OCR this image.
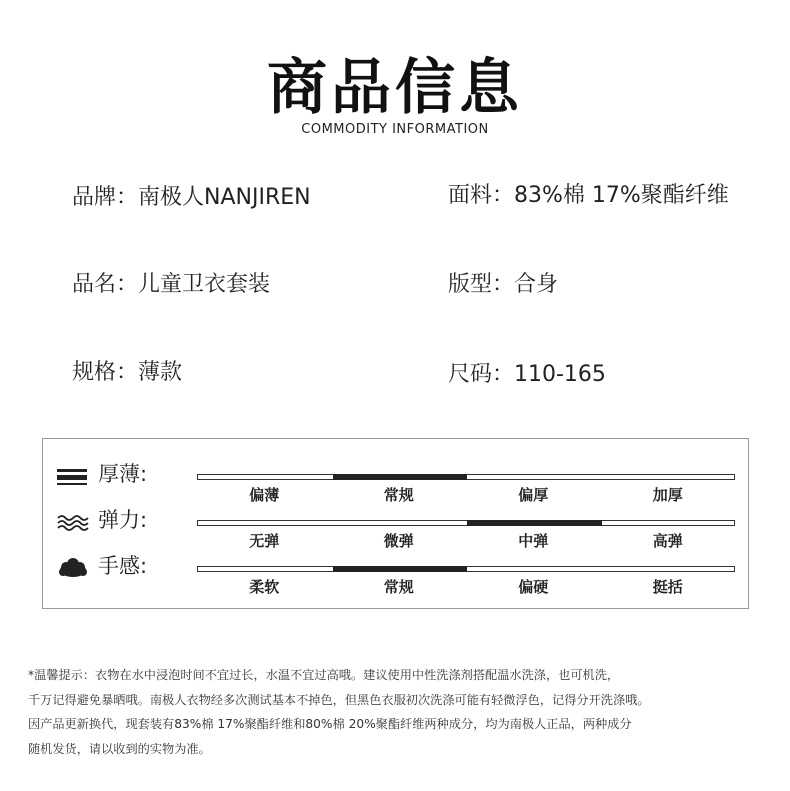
商品信息
COMMODITY INFORMATION
品牌：南极人NANJIREN	面料：83%棉 17%聚酯纤维
品名：儿童卫衣套装	版型：合身
规格：薄款	尺码：110-165
厚薄:
偏薄	常规	偏厚	加厚
弹力:
无弹	微弹	中弹	高弹
手感:
柔软	常规	偏硬	挺括
*温馨提示：衣物在水中浸泡时间不宜过长，水温不宜过高哦。建议使用中性洗涤剂搭配温水洗涤，也可机洗，
千万记得避免暴晒哦。南极人衣物经多次测试基本不掉色，但黑色衣服初次洗涤可能有轻微浮色，记得分开洗涤哦。
因产品更新换代，现套装有83%棉 17%聚酯纤维和80%棉 20%聚酯纤维两种成分，均为南极人正品，两种成分
随机发货，请以收到的实物为准。
